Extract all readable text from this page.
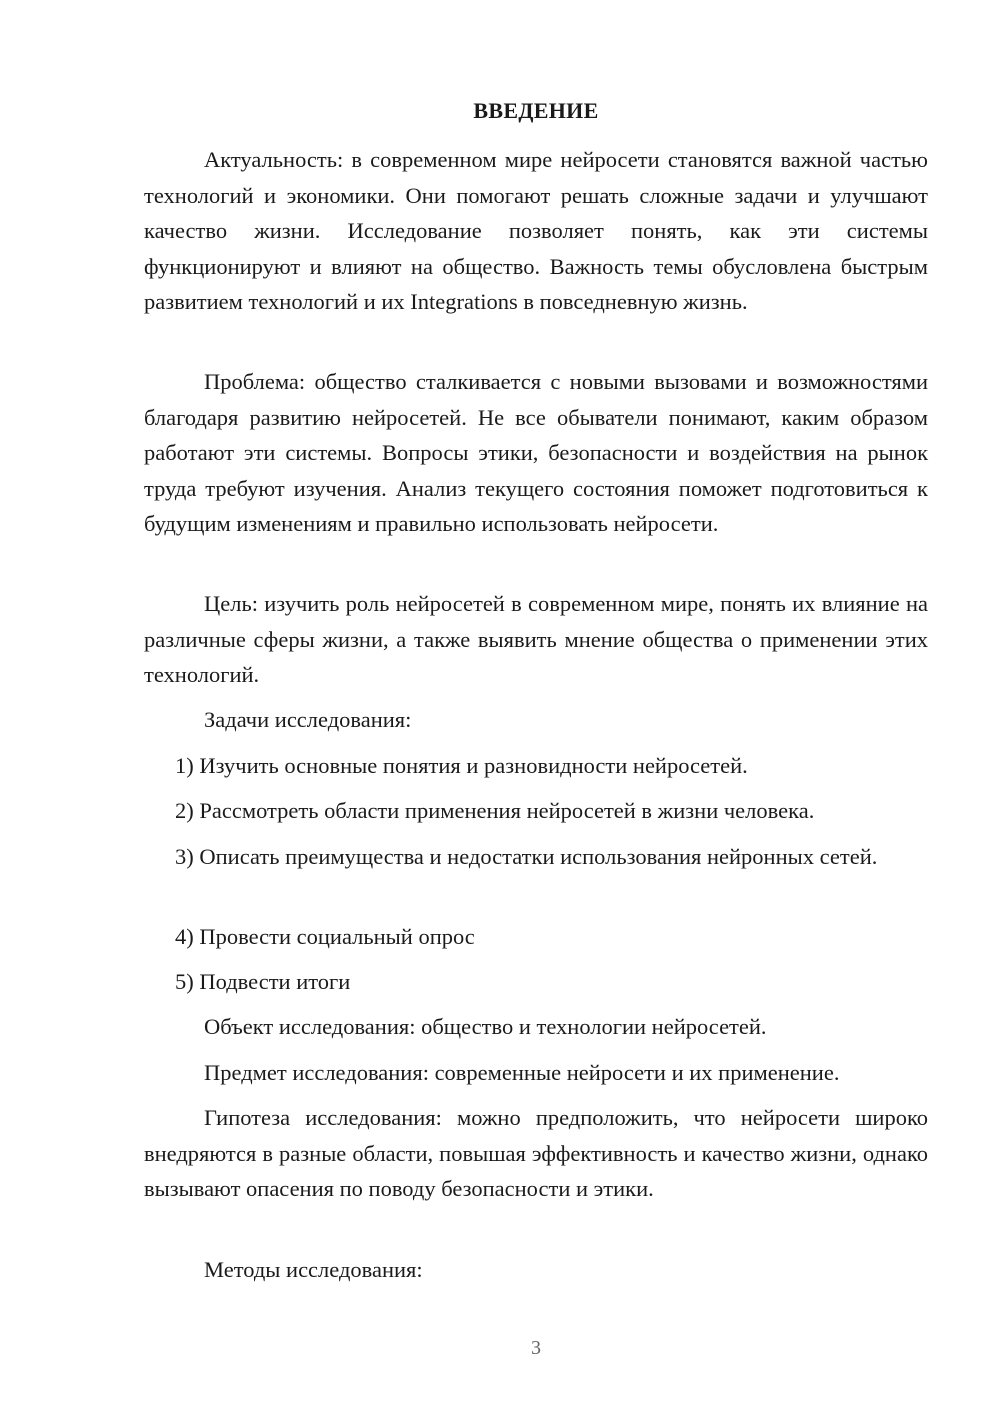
ВВЕДЕНИЕ

Актуальность: в современном мире нейросети становятся важной частью технологий и экономики. Они помогают решать сложные задачи и улучшают качество жизни. Исследование позволяет понять, как эти системы функционируют и влияют на общество. Важность темы обусловлена быстрым развитием технологий и их Integrations в повседневную жизнь.

Проблема: общество сталкивается с новыми вызовами и возможностями благодаря развитию нейросетей. Не все обыватели понимают, каким образом работают эти системы. Вопросы этики, безопасности и воздействия на рынок труда требуют изучения. Анализ текущего состояния поможет подготовиться к будущим изменениям и правильно использовать нейросети.

Цель: изучить роль нейросетей в современном мире, понять их влияние на различные сферы жизни, а также выявить мнение общества о применении этих технологий.

Задачи исследования:

1) Изучить основные понятия и разновидности нейросетей.

2) Рассмотреть области применения нейросетей в жизни человека.

3) Описать преимущества и недостатки использования нейронных сетей.

4) Провести социальный опрос

5) Подвести итоги

Объект исследования: общество и технологии нейросетей.

Предмет исследования: современные нейросети и их применение.

Гипотеза исследования: можно предположить, что нейросети широко внедряются в разные области, повышая эффективность и качество жизни, однако вызывают опасения по поводу безопасности и этики.

Методы исследования:

3
